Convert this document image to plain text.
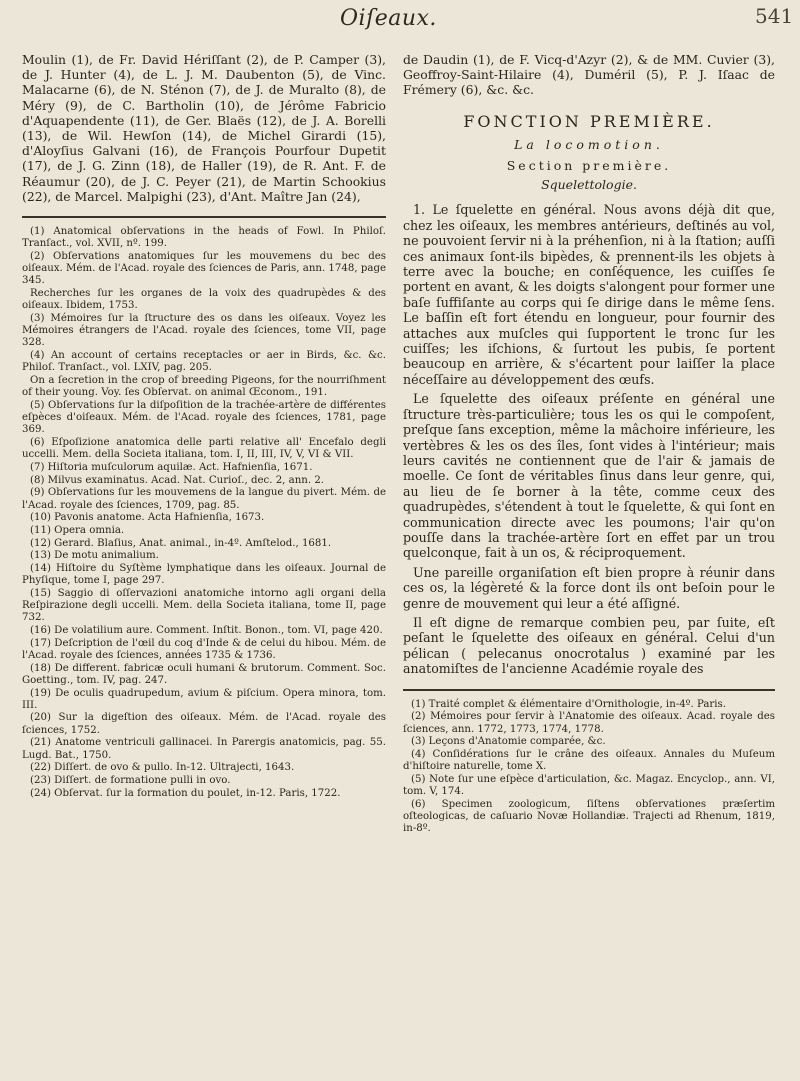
Oiſeaux.	541

Moulin (1), de Fr. David Hériſſant (2), de P. Camper (3), de J. Hunter (4), de L. J. M. Daubenton (5), de Vinc. Malacarne (6), de N. Sténon (7), de J. de Muralto (8), de Méry (9), de C. Bartholin (10), de Jérôme Fabricio d'Aquapendente (11), de Ger. Blaës (12), de J. A. Borelli (13), de Wil. Hewſon (14), de Michel Girardi (15), d'Aloyſius Galvani (16), de François Pourfour Dupetit (17), de J. G. Zinn (18), de Haller (19), de R. Ant. F. de Réaumur (20), de J. C. Peyer (21), de Martin Schookius (22), de Marcel. Malpighi (23), d'Ant. Maître Jan (24),

(1) Anatomical obſervations in the heads of Fowl. In Philoſ. Tranſact., vol. XVII, nº. 199.

(2) Obſervations anatomiques ſur les mouvemens du bec des oiſeaux. Mém. de l'Acad. royale des ſciences de Paris, ann. 1748, page 345.

Recherches ſur les organes de la voix des quadrupèdes & des oiſeaux. Ibidem, 1753.

(3) Mémoires ſur la ſtructure des os dans les oiſeaux. Voyez les Mémoires étrangers de l'Acad. royale des ſciences, tome VII, page 328.

(4) An account of certains receptacles or aer in Birds, &c. &c. Philoſ. Tranſact., vol. LXIV, pag. 205.

On a ſecretion in the crop of breeding Pigeons, for the nourriſhment of their young. Voy. ſes Obſervat. on animal Œconom., 191.

(5) Obſervations ſur la diſpoſition de la trachée-artère de différentes eſpèces d'oiſeaux. Mém. de l'Acad. royale des ſciences, 1781, page 369.

(6) Eſpoſizione anatomica delle parti relative all' Encefalo degli uccelli. Mem. della Societa italiana, tom. I, II, III, IV, V, VI & VII.

(7) Hiſtoria muſculorum aquilæ. Act. Hafnienſia, 1671.

(8) Milvus examinatus. Acad. Nat. Curioſ., dec. 2, ann. 2.

(9) Obſervations ſur les mouvemens de la langue du pivert. Mém. de l'Acad. royale des ſciences, 1709, pag. 85.

(10) Pavonis anatome. Acta Hafnienſia, 1673.

(11) Opera omnia.

(12) Gerard. Blaſius, Anat. animal., in-4º. Amſtelod., 1681.

(13) De motu animalium.

(14) Hiſtoire du Syſtème lymphatique dans les oiſeaux. Journal de Phyſique, tome I, page 297.

(15) Saggio di oſſervazioni anatomiche intorno agli organi della Reſpirazione degli uccelli. Mem. della Societa italiana, tome II, page 732.

(16) De volatilium aure. Comment. Inſtit. Bonon., tom. VI, page 420.

(17) Deſcription de l'œil du coq d'Inde & de celui du hibou. Mém. de l'Acad. royale des ſciences, années 1735 & 1736.

(18) De different. fabricæ oculi humani & brutorum. Comment. Soc. Goetting., tom. IV, pag. 247.

(19) De oculis quadrupedum, avium & piſcium. Opera minora, tom. III.

(20) Sur la digeſtion des oiſeaux. Mém. de l'Acad. royale des ſciences, 1752.

(21) Anatome ventriculi gallinacei. In Parergis anatomicis, pag. 55. Lugd. Bat., 1750.

(22) Diſſert. de ovo & pullo. In-12. Ultrajecti, 1643.

(23) Diſſert. de formatione pulli in ovo.

(24) Obſervat. ſur la formation du poulet, in-12. Paris, 1722.

de Daudin (1), de F. Vicq-d'Azyr (2), & de MM. Cuvier (3), Geoffroy-Saint-Hilaire (4), Duméril (5), P. J. Iſaac de Frémery (6), &c. &c.

FONCTION PREMIÈRE.
La locomotion.
Section première.
Squelettologie.

1. Le ſquelette en général. Nous avons déjà dit que, chez les oiſeaux, les membres antérieurs, deſtinés au vol, ne pouvoient ſervir ni à la préhenſion, ni à la ſtation; auſſi ces animaux ſont-ils bipèdes, & prennent-ils les objets à terre avec la bouche; en conſéquence, les cuiſſes ſe portent en avant, & les doigts s'alongent pour former une baſe ſuffiſante au corps qui ſe dirige dans le même ſens. Le baſſin eſt fort étendu en longueur, pour fournir des attaches aux muſcles qui ſupportent le tronc ſur les cuiſſes; les iſchions, & ſurtout les pubis, ſe portent beaucoup en arrière, & s'écartent pour laiſſer la place néceſſaire au développement des œufs.

Le ſquelette des oiſeaux préſente en général une ſtructure très-particulière; tous les os qui le compoſent, preſque ſans exception, même la mâchoire inférieure, les vertèbres & les os des îles, ſont vides à l'intérieur; mais leurs cavités ne contiennent que de l'air & jamais de moelle. Ce ſont de véritables ſinus dans leur genre, qui, au lieu de ſe borner à la tête, comme ceux des quadrupèdes, s'étendent à tout le ſquelette, & qui ſont en communication directe avec les poumons; l'air qu'on pouſſe dans la trachée-artère ſort en effet par un trou quelconque, fait à un os, & réciproquement.

Une pareille organiſation eſt bien propre à réunir dans ces os, la légèreté & la force dont ils ont beſoin pour le genre de mouvement qui leur a été aſſigné.

Il eſt digne de remarque combien peu, par ſuite, eſt peſant le ſquelette des oiſeaux en général. Celui d'un pélican ( pelecanus onocrotalus ) examiné par les anatomiſtes de l'ancienne Académie royale des

(1) Traité complet & élémentaire d'Ornithologie, in-4º. Paris.

(2) Mémoires pour ſervir à l'Anatomie des oiſeaux. Acad. royale des ſciences, ann. 1772, 1773, 1774, 1778.

(3) Leçons d'Anatomie comparée, &c.

(4) Conſidérations ſur le crâne des oiſeaux. Annales du Muſeum d'hiſtoire naturelle, tome X.

(5) Note ſur une eſpèce d'articulation, &c. Magaz. Encyclop., ann. VI, tom. V, 174.

(6) Specimen zoologicum, ſiſtens obſervationes præſertim oſteologicas, de caſuario Novæ Hollandiæ. Trajecti ad Rhenum, 1819, in-8º.
